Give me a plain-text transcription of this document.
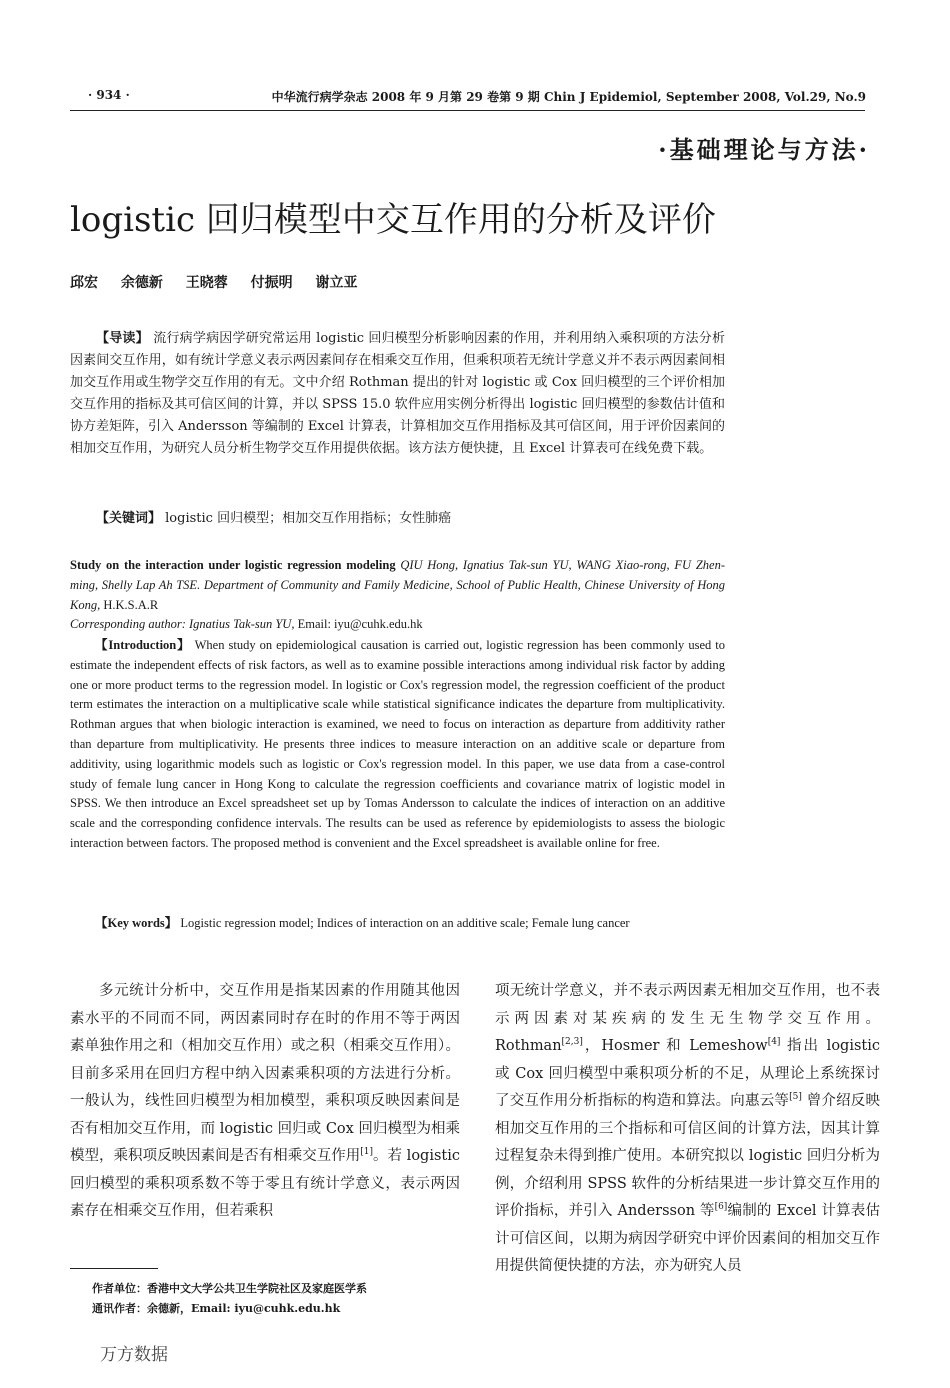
· 934 ·	中华流行病学杂志 2008 年 9 月第 29 卷第 9 期 Chin J Epidemiol, September 2008, Vol.29, No.9
·基础理论与方法·
logistic 回归模型中交互作用的分析及评价
邱宏 余德新 王晓蓉 付振明 谢立亚
【导读】 流行病学病因学研究常运用 logistic 回归模型分析影响因素的作用，并利用纳入乘积项的方法分析因素间交互作用，如有统计学意义表示两因素间存在相乘交互作用，但乘积项若无统计学意义并不表示两因素间相加交互作用或生物学交互作用的有无。文中介绍 Rothman 提出的针对 logistic 或 Cox 回归模型的三个评价相加交互作用的指标及其可信区间的计算，并以 SPSS 15.0 软件应用实例分析得出 logistic 回归模型的参数估计值和协方差矩阵，引入 Andersson 等编制的 Excel 计算表，计算相加交互作用指标及其可信区间，用于评价因素间的相加交互作用，为研究人员分析生物学交互作用提供依据。该方法方便快捷，且 Excel 计算表可在线免费下载。
【关键词】 logistic 回归模型；相加交互作用指标；女性肺癌
Study on the interaction under logistic regression modeling QIU Hong, Ignatius Tak-sun YU, WANG Xiao-rong, FU Zhen-ming, Shelly Lap Ah TSE. Department of Community and Family Medicine, School of Public Health, Chinese University of Hong Kong, H.K.S.A.R
Corresponding author: Ignatius Tak-sun YU, Email: iyu@cuhk.edu.hk
【Introduction】 When study on epidemiological causation is carried out, logistic regression has been commonly used to estimate the independent effects of risk factors, as well as to examine possible interactions among individual risk factor by adding one or more product terms to the regression model. In logistic or Cox's regression model, the regression coefficient of the product term estimates the interaction on a multiplicative scale while statistical significance indicates the departure from multiplicativity. Rothman argues that when biologic interaction is examined, we need to focus on interaction as departure from additivity rather than departure from multiplicativity. He presents three indices to measure interaction on an additive scale or departure from additivity, using logarithmic models such as logistic or Cox's regression model. In this paper, we use data from a case-control study of female lung cancer in Hong Kong to calculate the regression coefficients and covariance matrix of logistic model in SPSS. We then introduce an Excel spreadsheet set up by Tomas Andersson to calculate the indices of interaction on an additive scale and the corresponding confidence intervals. The results can be used as reference by epidemiologists to assess the biologic interaction between factors. The proposed method is convenient and the Excel spreadsheet is available online for free.
【Key words】 Logistic regression model; Indices of interaction on an additive scale; Female lung cancer
多元统计分析中，交互作用是指某因素的作用随其他因素水平的不同而不同，两因素同时存在时的作用不等于两因素单独作用之和（相加交互作用）或之积（相乘交互作用）。目前多采用在回归方程中纳入因素乘积项的方法进行分析。一般认为，线性回归模型为相加模型，乘积项反映因素间是否有相加交互作用，而 logistic 回归或 Cox 回归模型为相乘模型，乘积项反映因素间是否有相乘交互作用[1]。若 logistic 回归模型的乘积项系数不等于零且有统计学意义，表示两因素存在相乘交互作用，但若乘积
项无统计学意义，并不表示两因素无相加交互作用，也不表示两因素对某疾病的发生无生物学交互作用。Rothman[2,3]，Hosmer 和 Lemeshow[4] 指出 logistic 或 Cox 回归模型中乘积项分析的不足，从理论上系统探讨了交互作用分析指标的构造和算法。向惠云等[5] 曾介绍反映相加交互作用的三个指标和可信区间的计算方法，因其计算过程复杂未得到推广使用。本研究拟以 logistic 回归分析为例，介绍利用 SPSS 软件的分析结果进一步计算交互作用的评价指标，并引入 Andersson 等[6]编制的 Excel 计算表估计可信区间，以期为病因学研究中评价因素间的相加交互作用提供简便快捷的方法，亦为研究人员
作者单位：香港中文大学公共卫生学院社区及家庭医学系
通讯作者：余德新，Email: iyu@cuhk.edu.hk
万方数据
